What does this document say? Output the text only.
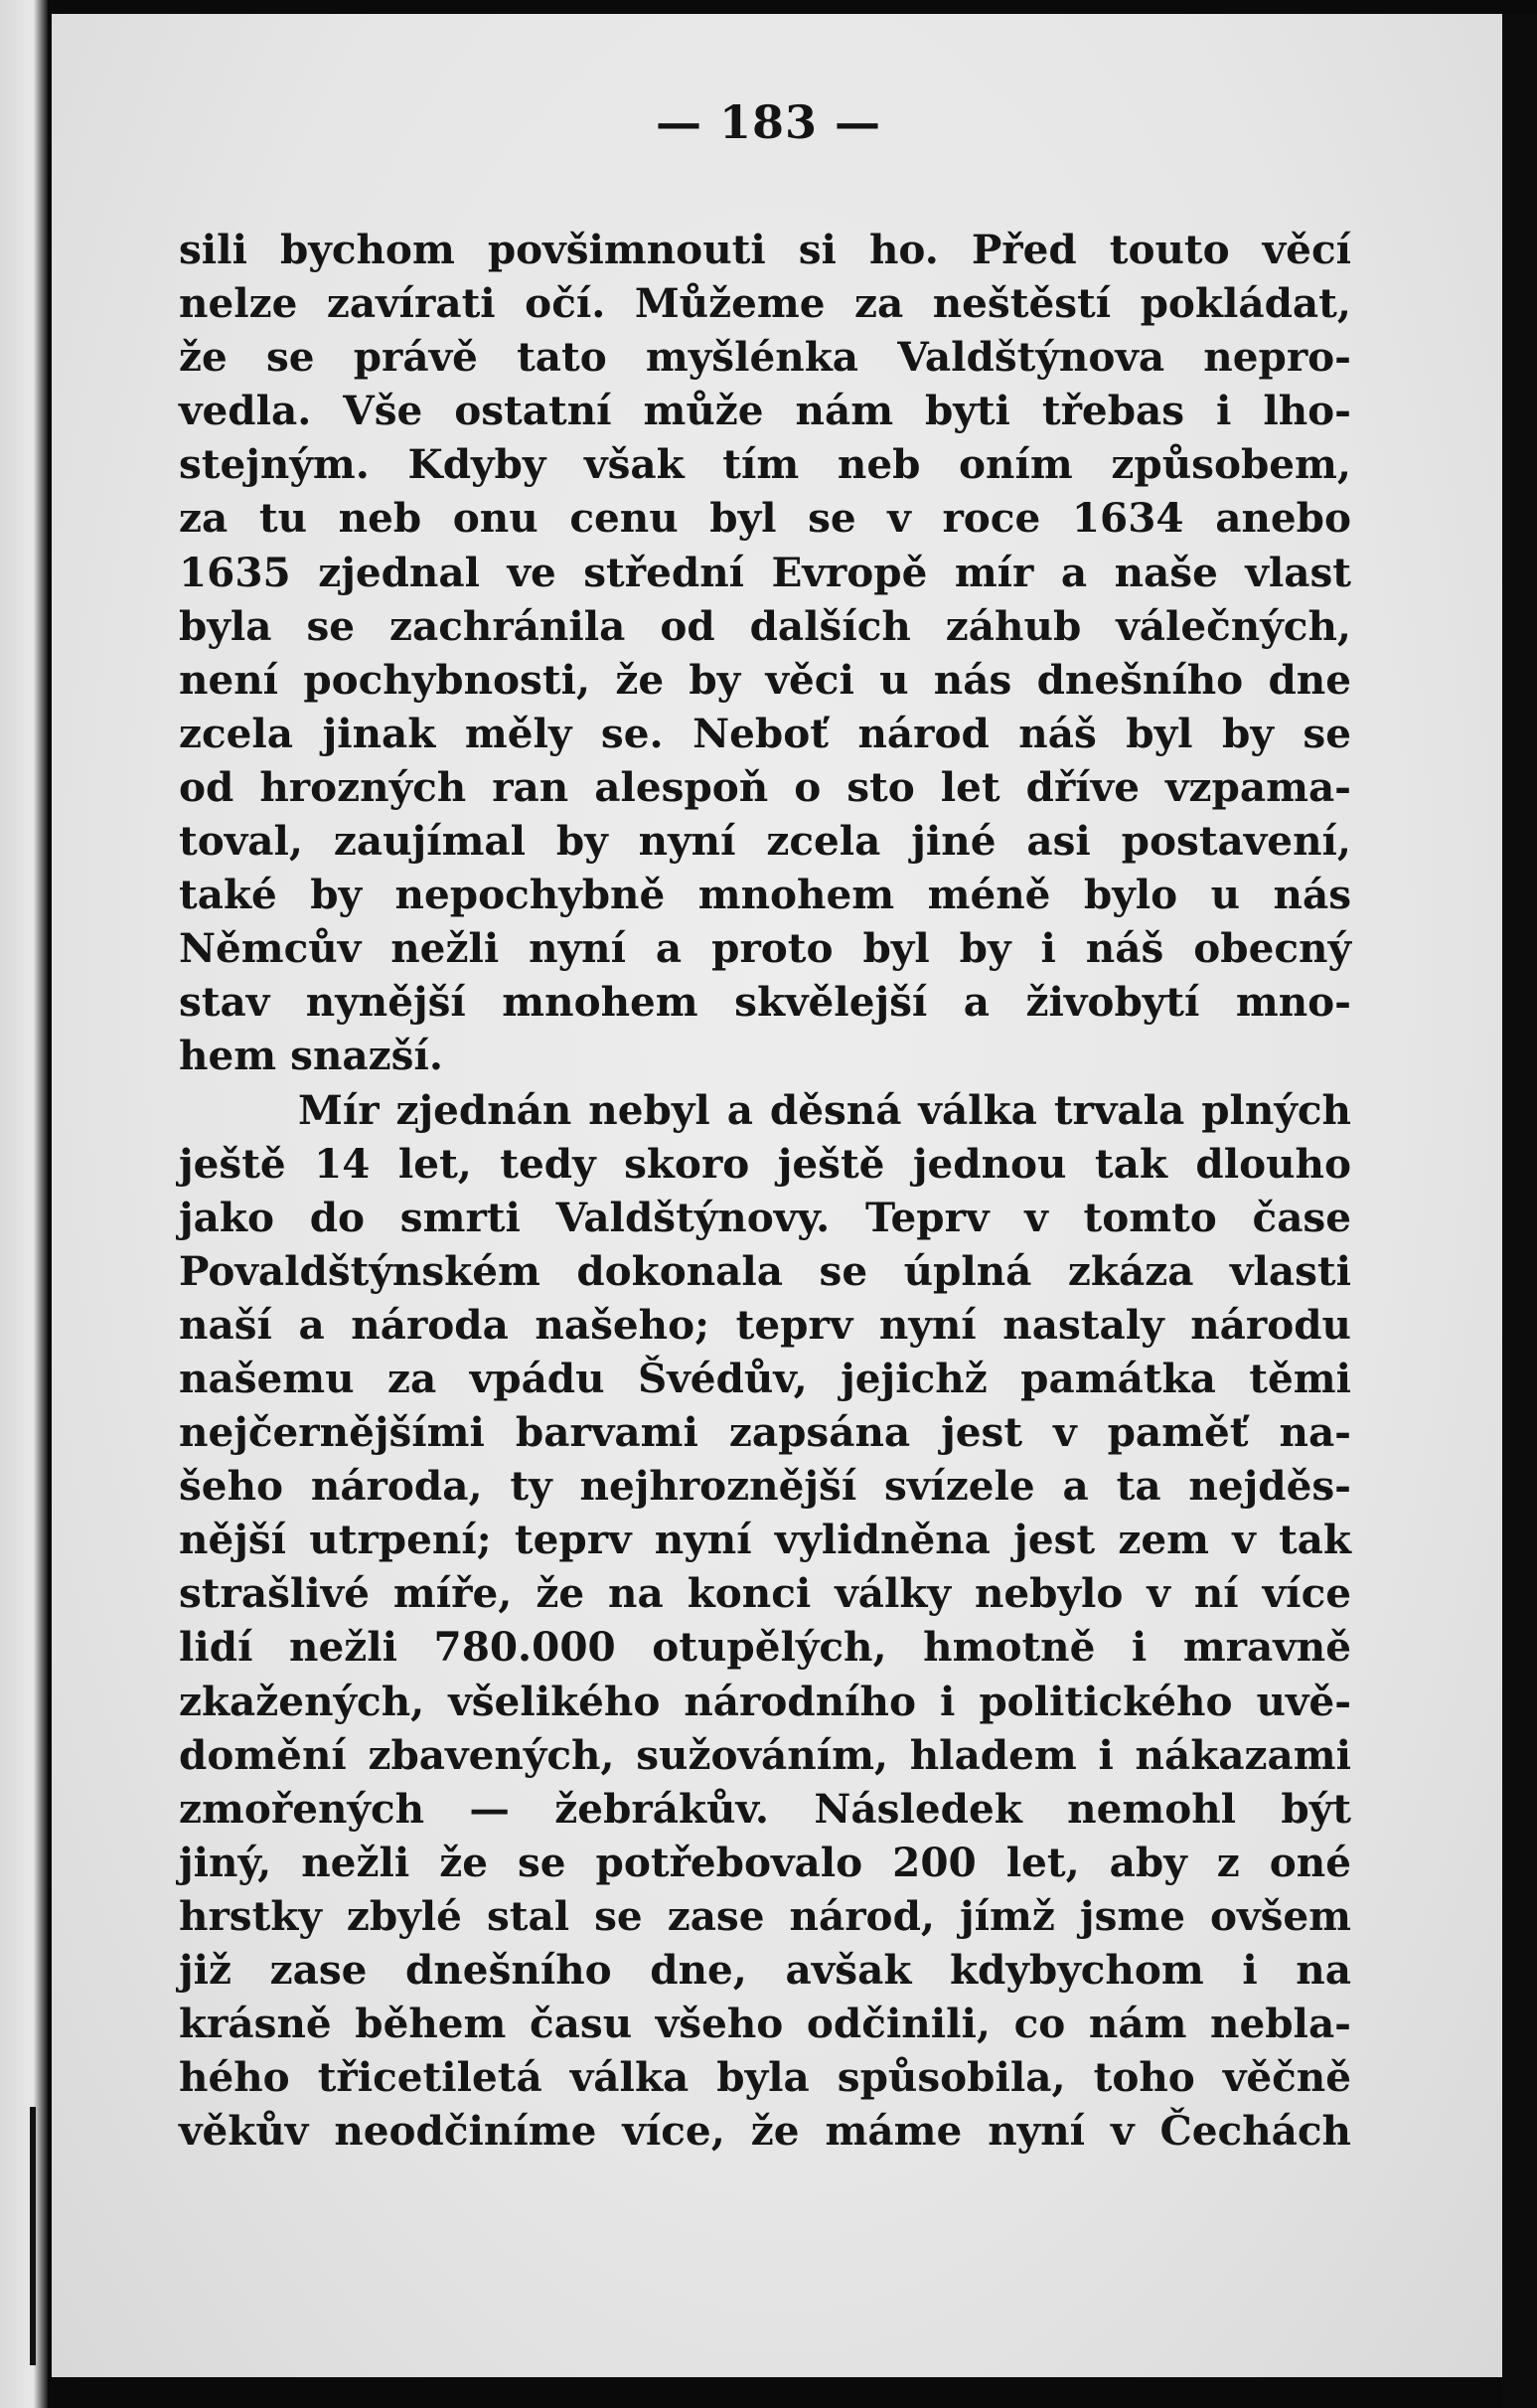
— 183 —
sili bychom povšimnouti si ho. Před touto věcí
nelze zavírati očí. Můžeme za neštěstí pokládat,
že se právě tato myšlénka Valdštýnova nepro-
vedla. Vše ostatní může nám byti třebas i lho-
stejným. Kdyby však tím neb oním způsobem,
za tu neb onu cenu byl se v roce 1634 anebo
1635 zjednal ve střední Evropě mír a naše vlast
byla se zachránila od dalších záhub válečných,
není pochybnosti, že by věci u nás dnešního dne
zcela jinak měly se. Neboť národ náš byl by se
od hrozných ran alespoň o sto let dříve vzpama-
toval, zaujímal by nyní zcela jiné asi postavení,
také by nepochybně mnohem méně bylo u nás
Němcův nežli nyní a proto byl by i náš obecný
stav nynější mnohem skvělejší a živobytí mno-
hem snazší.
Mír zjednán nebyl a děsná válka trvala plných
ještě 14 let, tedy skoro ještě jednou tak dlouho
jako do smrti Valdštýnovy. Teprv v tomto čase
Povaldštýnském dokonala se úplná zkáza vlasti
naší a národa našeho; teprv nyní nastaly národu
našemu za vpádu Švédův, jejichž památka těmi
nejčernějšími barvami zapsána jest v paměť na-
šeho národa, ty nejhroznější svízele a ta nejděs-
nější utrpení; teprv nyní vylidněna jest zem v tak
strašlivé míře, že na konci války nebylo v ní více
lidí nežli 780.000 otupělých, hmotně i mravně
zkažených, všelikého národního i politického uvě-
domění zbavených, sužováním, hladem i nákazami
zmořených — žebrákův. Následek nemohl být
jiný, nežli že se potřebovalo 200 let, aby z oné
hrstky zbylé stal se zase národ, jímž jsme ovšem
již zase dnešního dne, avšak kdybychom i na
krásně během času všeho odčinili, co nám nebla-
hého třicetiletá válka byla spůsobila, toho věčně
věkův neodčiníme více, že máme nyní v Čechách
